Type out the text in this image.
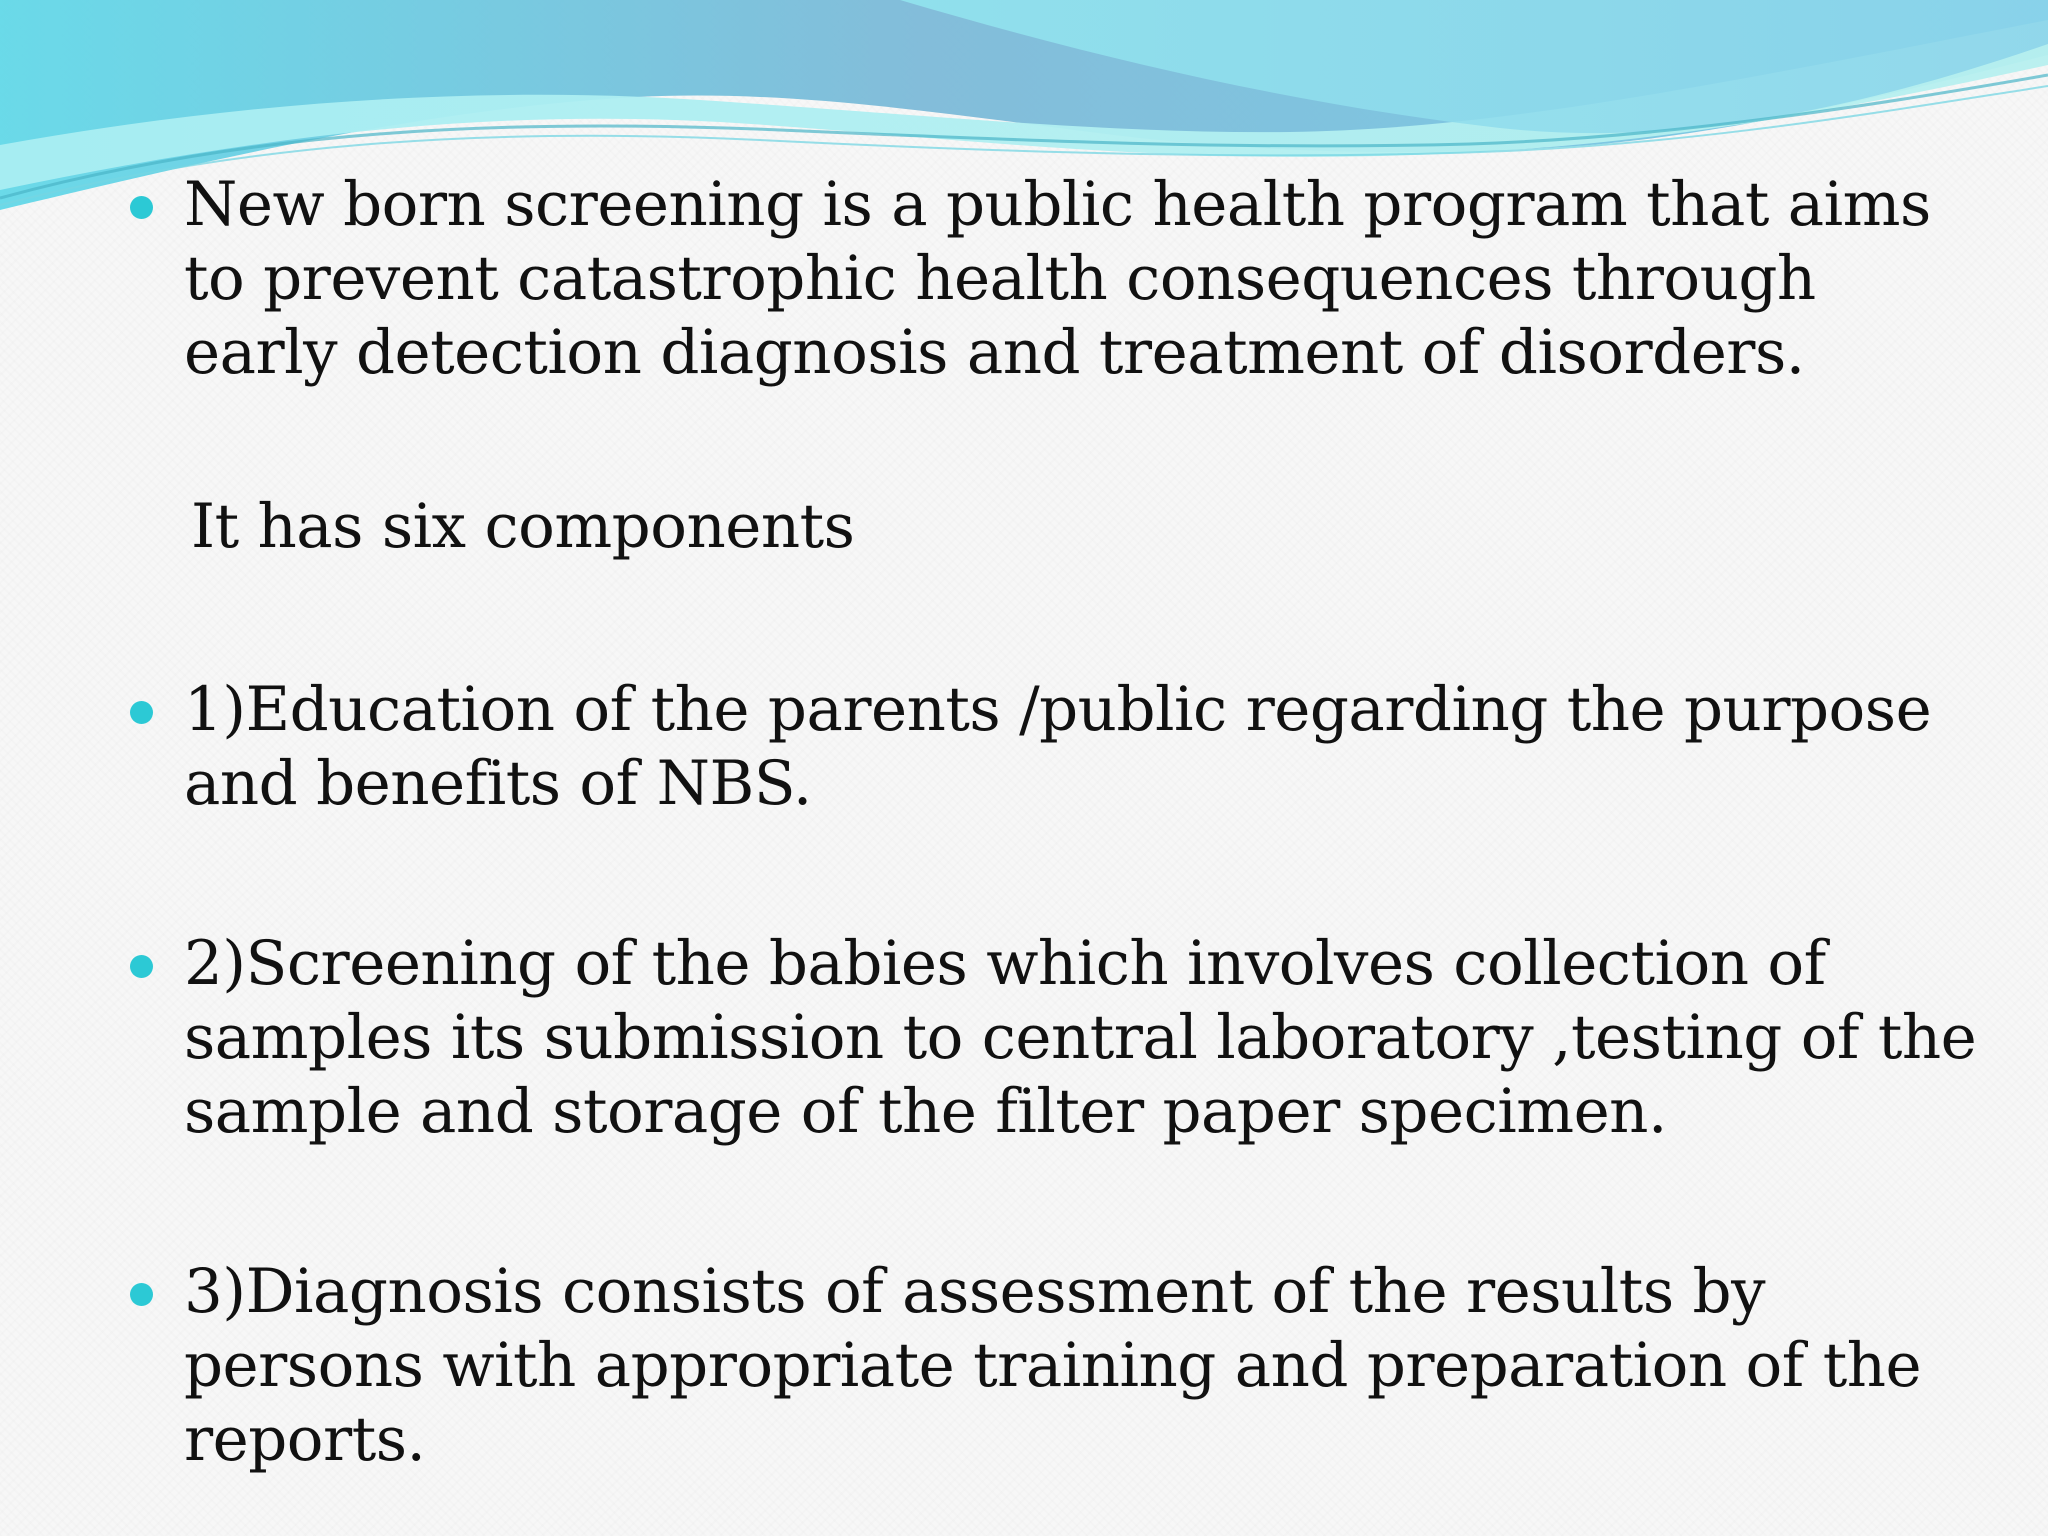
New born screening is a public health program that aims to prevent catastrophic health consequences through early detection diagnosis and treatment of disorders.
It has six components
1)Education of the parents /public regarding the purpose and benefits of NBS.
2)Screening of the babies which involves collection of samples its submission to central laboratory ,testing of the sample and storage of the filter paper specimen.
3)Diagnosis consists of assessment of the results by persons with appropriate training and preparation of the reports.
